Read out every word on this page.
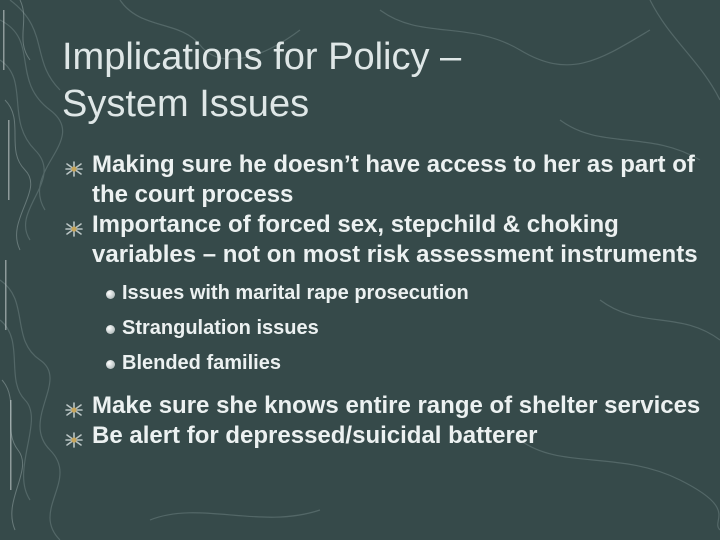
Implications for Policy –
System Issues
Making sure he doesn’t have access to her as part of the court process
Importance of forced sex, stepchild & choking variables – not on most risk assessment instruments
Issues with marital rape prosecution
Strangulation issues
Blended families
Make sure she knows entire range of shelter services
Be alert for depressed/suicidal batterer
